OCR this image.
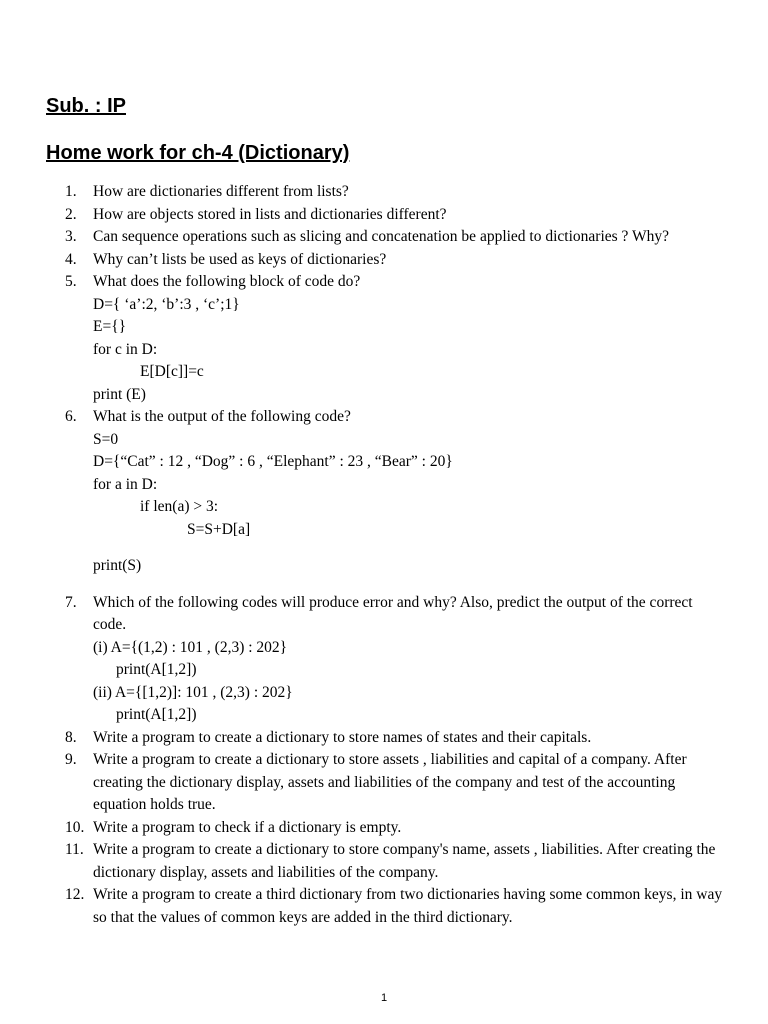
Sub. : IP
Home work for ch-4 (Dictionary)
1.	How are dictionaries different from lists?
2.	How are objects stored in lists and dictionaries different?
3.	Can sequence operations such as slicing and concatenation be applied to dictionaries ? Why?
4.	Why can’t lists be used as keys of dictionaries?
5.	What does the following block of code do?
D={ ‘a’:2, ‘b’:3 , ‘c’;1}
E={}
for c in D:
E[D[c]]=c
print (E)
6.	What is the output of the following code?
S=0
D={“Cat” : 12 , “Dog” : 6 , “Elephant” : 23 , “Bear” : 20}
for a in D:
if len(a) > 3:
S=S+D[a]
print(S)
7.	Which of the following codes will produce error and why? Also, predict the output of the correct code.
(i) A={(1,2) : 101 , (2,3) : 202}
print(A[1,2])
(ii) A={[1,2)]: 101 , (2,3) : 202}
print(A[1,2])
8.	Write a program to create a dictionary to store names of states and their capitals.
9.	Write a program to create a dictionary to store assets , liabilities and capital of a company. After creating the dictionary display, assets and liabilities of the company and test of the accounting equation holds true.
10. Write a program to check if a dictionary is empty.
11. Write a program to create a dictionary to store company's name, assets , liabilities. After creating the dictionary display, assets and liabilities of the company.
12. Write a program to create a third dictionary from two dictionaries having some common keys, in way so that the values of common keys are added in the third dictionary.
1
